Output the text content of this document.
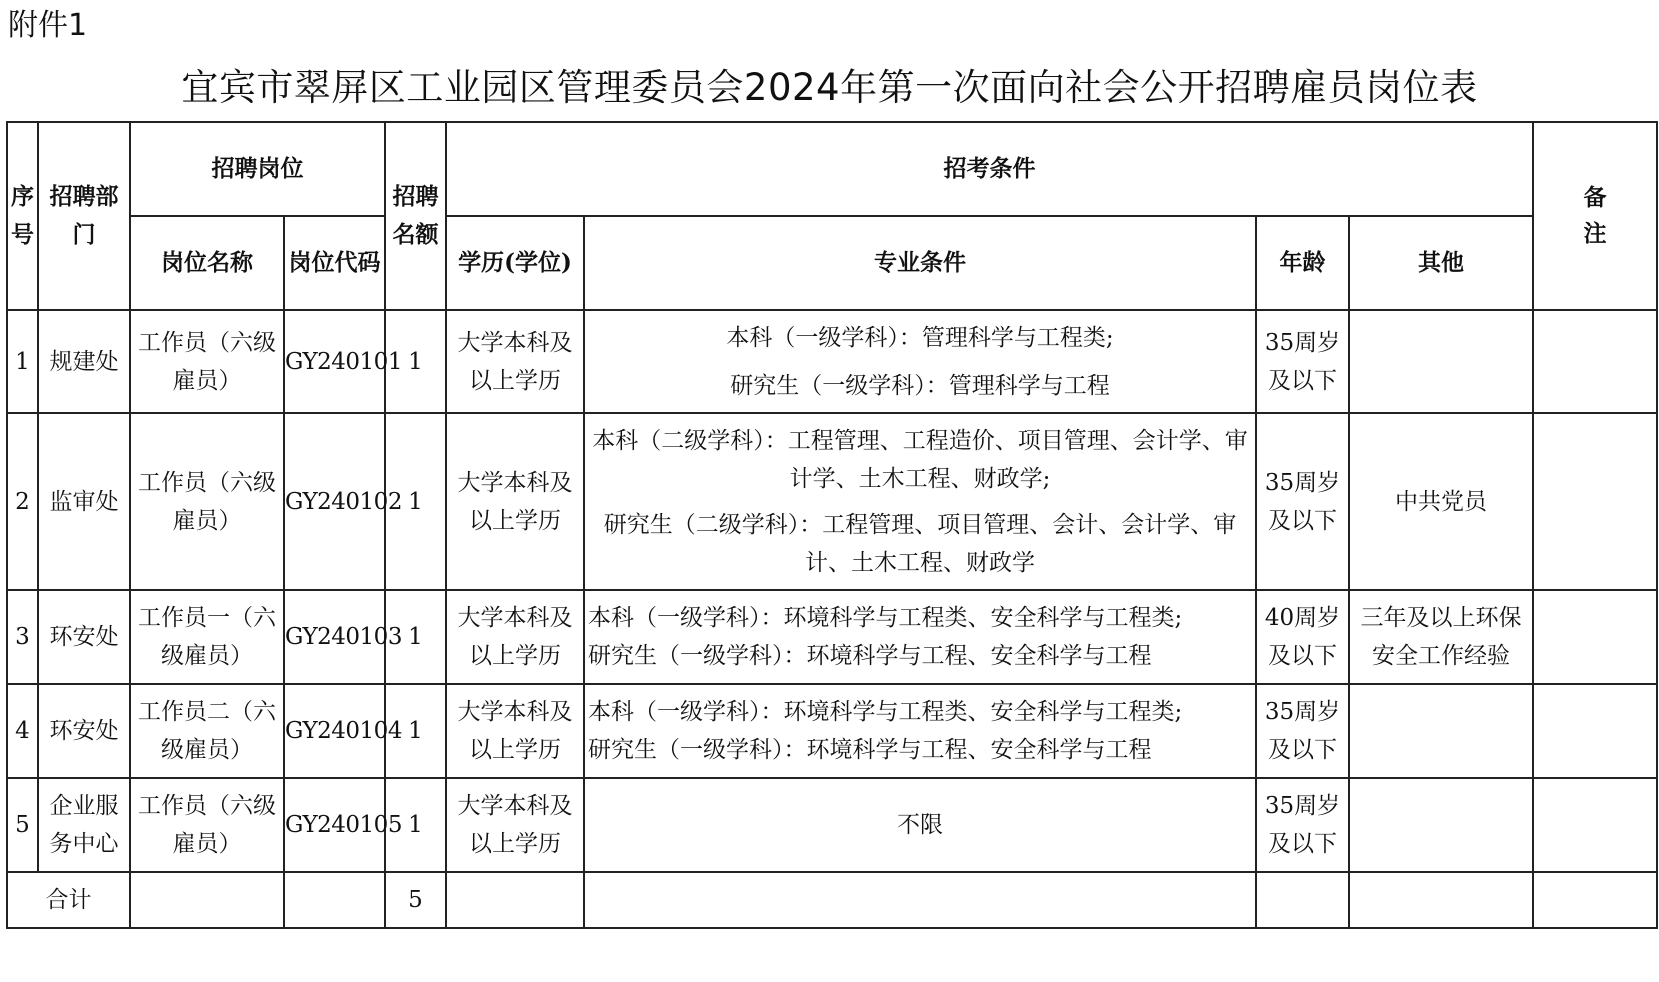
附件1
宜宾市翠屏区工业园区管理委员会2024年第一次面向社会公开招聘雇员岗位表
序号	招聘部门	招聘岗位		招聘名额	招考条件				备注

		岗位名称	岗位代码		学历(学位)	专业条件	年龄	其他	
1	规建处	工作员（六级雇员）	GY240101	1	大学本科及以上学历	本科（一级学科）：管理科学与工程类;
研究生（一级学科）：管理科学与工程	35周岁及以下		
2	监审处	工作员（六级雇员）	GY240102	1	大学本科及以上学历	本科（二级学科）：工程管理、工程造价、项目管理、会计学、审计学、土木工程、财政学;
研究生（二级学科）：工程管理、项目管理、会计、会计学、审计、土木工程、财政学	35周岁及以下	中共党员	
3	环安处	工作员一（六级雇员）	GY240103	1	大学本科及以上学历	本科（一级学科）：环境科学与工程类、安全科学与工程类;
研究生（一级学科）：环境科学与工程、安全科学与工程	40周岁及以下	三年及以上环保安全工作经验	
4	环安处	工作员二（六级雇员）	GY240104	1	大学本科及以上学历	本科（一级学科）：环境科学与工程类、安全科学与工程类;
研究生（一级学科）：环境科学与工程、安全科学与工程	35周岁及以下		
5	企业服务中心	工作员（六级雇员）	GY240105	1	大学本科及以上学历	不限	35周岁及以下		
合计				5					
